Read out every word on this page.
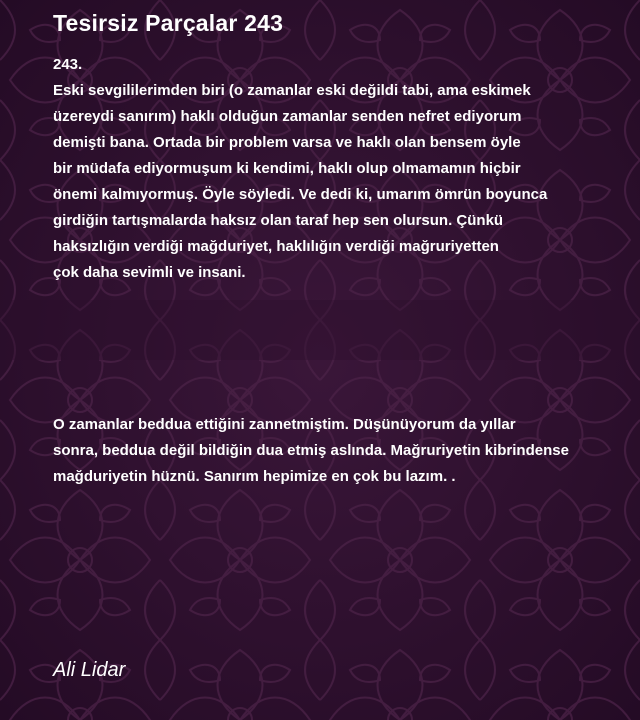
Tesirsiz Parçalar 243
243.
Eski sevgililerimden biri (o zamanlar eski değildi tabi, ama eskimek
üzereydi sanırım) haklı olduğun zamanlar senden nefret ediyorum
demişti bana. Ortada bir problem varsa ve haklı olan bensem öyle
bir müdafa ediyormuşum ki kendimi, haklı olup olmamamın hiçbir
önemi kalmıyormuş. Öyle söyledi. Ve dedi ki, umarım ömrün boyunca
girdiğin tartışmalarda haksız olan taraf hep sen olursun. Çünkü
haksızlığın verdiği mağduriyet, haklılığın verdiği mağruriyetten
çok daha sevimli ve insani.
O zamanlar beddua ettiğini zannetmiştim. Düşünüyorum da yıllar
sonra, beddua değil bildiğin dua etmiş aslında. Mağruriyetin kibrindense
mağduriyetin hüznü. Sanırım hepimize en çok bu lazım. .
Ali Lidar
